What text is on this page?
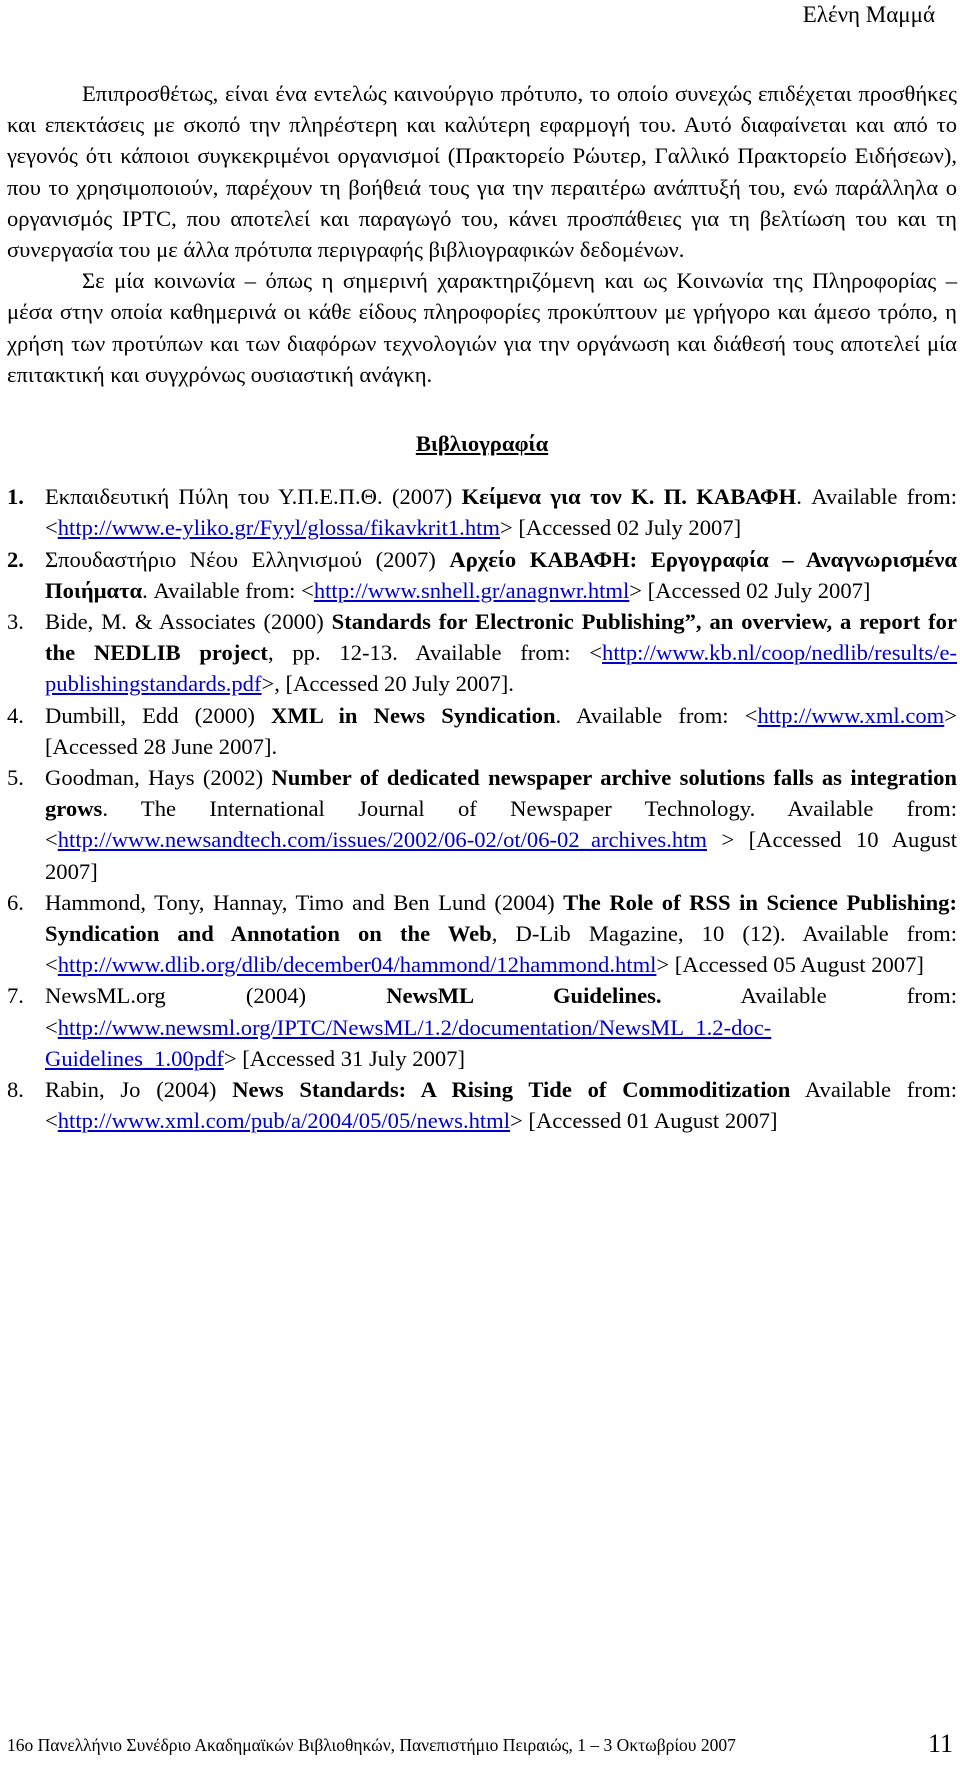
Ελένη Μαμμά

Επιπροσθέτως, είναι ένα εντελώς καινούργιο πρότυπο, το οποίο συνεχώς επιδέχεται προσθήκες και επεκτάσεις με σκοπό την πληρέστερη και καλύτερη εφαρμογή του. Αυτό διαφαίνεται και από το γεγονός ότι κάποιοι συγκεκριμένοι οργανισμοί (Πρακτορείο Ρώυτερ, Γαλλικό Πρακτορείο Ειδήσεων), που το χρησιμοποιούν, παρέχουν τη βοήθειά τους για την περαιτέρω ανάπτυξή του, ενώ παράλληλα ο οργανισμός IPTC, που αποτελεί και παραγωγό του, κάνει προσπάθειες για τη βελτίωση του και τη συνεργασία του με άλλα πρότυπα περιγραφής βιβλιογραφικών δεδομένων.

Σε μία κοινωνία – όπως η σημερινή χαρακτηριζόμενη και ως Κοινωνία της Πληροφορίας – μέσα στην οποία καθημερινά οι κάθε είδους πληροφορίες προκύπτουν με γρήγορο και άμεσο τρόπο, η χρήση των προτύπων και των διαφόρων τεχνολογιών για την οργάνωση και διάθεσή τους αποτελεί μία επιτακτική και συγχρόνως ουσιαστική ανάγκη.

Βιβλιογραφία
1. Εκπαιδευτική Πύλη του Υ.Π.Ε.Π.Θ. (2007) Κείμενα για τον Κ. Π. ΚΑΒΑΦΗ. Available from: <http://www.e-yliko.gr/Fyyl/glossa/fikavkrit1.htm> [Accessed 02 July 2007]
2. Σπουδαστήριο Νέου Ελληνισμού (2007) Αρχείο ΚΑΒΑΦΗ: Εργογραφία – Αναγνωρισμένα Ποιήματα. Available from: <http://www.snhell.gr/anagnwr.html> [Accessed 02 July 2007]
3. Bide, M. & Associates (2000) Standards for Electronic Publishing”, an overview, a report for the NEDLIB project, pp. 12-13. Available from: <http://www.kb.nl/coop/nedlib/results/e-publishingstandards.pdf>, [Accessed 20 July 2007].
4. Dumbill, Edd (2000) XML in News Syndication. Available from: <http://www.xml.com> [Accessed 28 June 2007].
5. Goodman, Hays (2002) Number of dedicated newspaper archive solutions falls as integration grows. The International Journal of Newspaper Technology. Available from: <http://www.newsandtech.com/issues/2002/06-02/ot/06-02_archives.htm > [Accessed 10 August 2007]
6. Hammond, Tony, Hannay, Timo and Ben Lund (2004) The Role of RSS in Science Publishing: Syndication and Annotation on the Web, D-Lib Magazine, 10 (12). Available from: <http://www.dlib.org/dlib/december04/hammond/12hammond.html> [Accessed 05 August 2007]
7. NewsML.org (2004) NewsML Guidelines. Available from: <http://www.newsml.org/IPTC/NewsML/1.2/documentation/NewsML_1.2-doc-Guidelines_1.00pdf> [Accessed 31 July 2007]
8. Rabin, Jo (2004) News Standards: A Rising Tide of Commoditization Available from: <http://www.xml.com/pub/a/2004/05/05/news.html> [Accessed 01 August 2007]
16o Πανελλήνιο Συνέδριο Ακαδημαϊκών Βιβλιοθηκών, Πανεπιστήμιο Πειραιώς, 1 – 3 Οκτωβρίου 2007	11
